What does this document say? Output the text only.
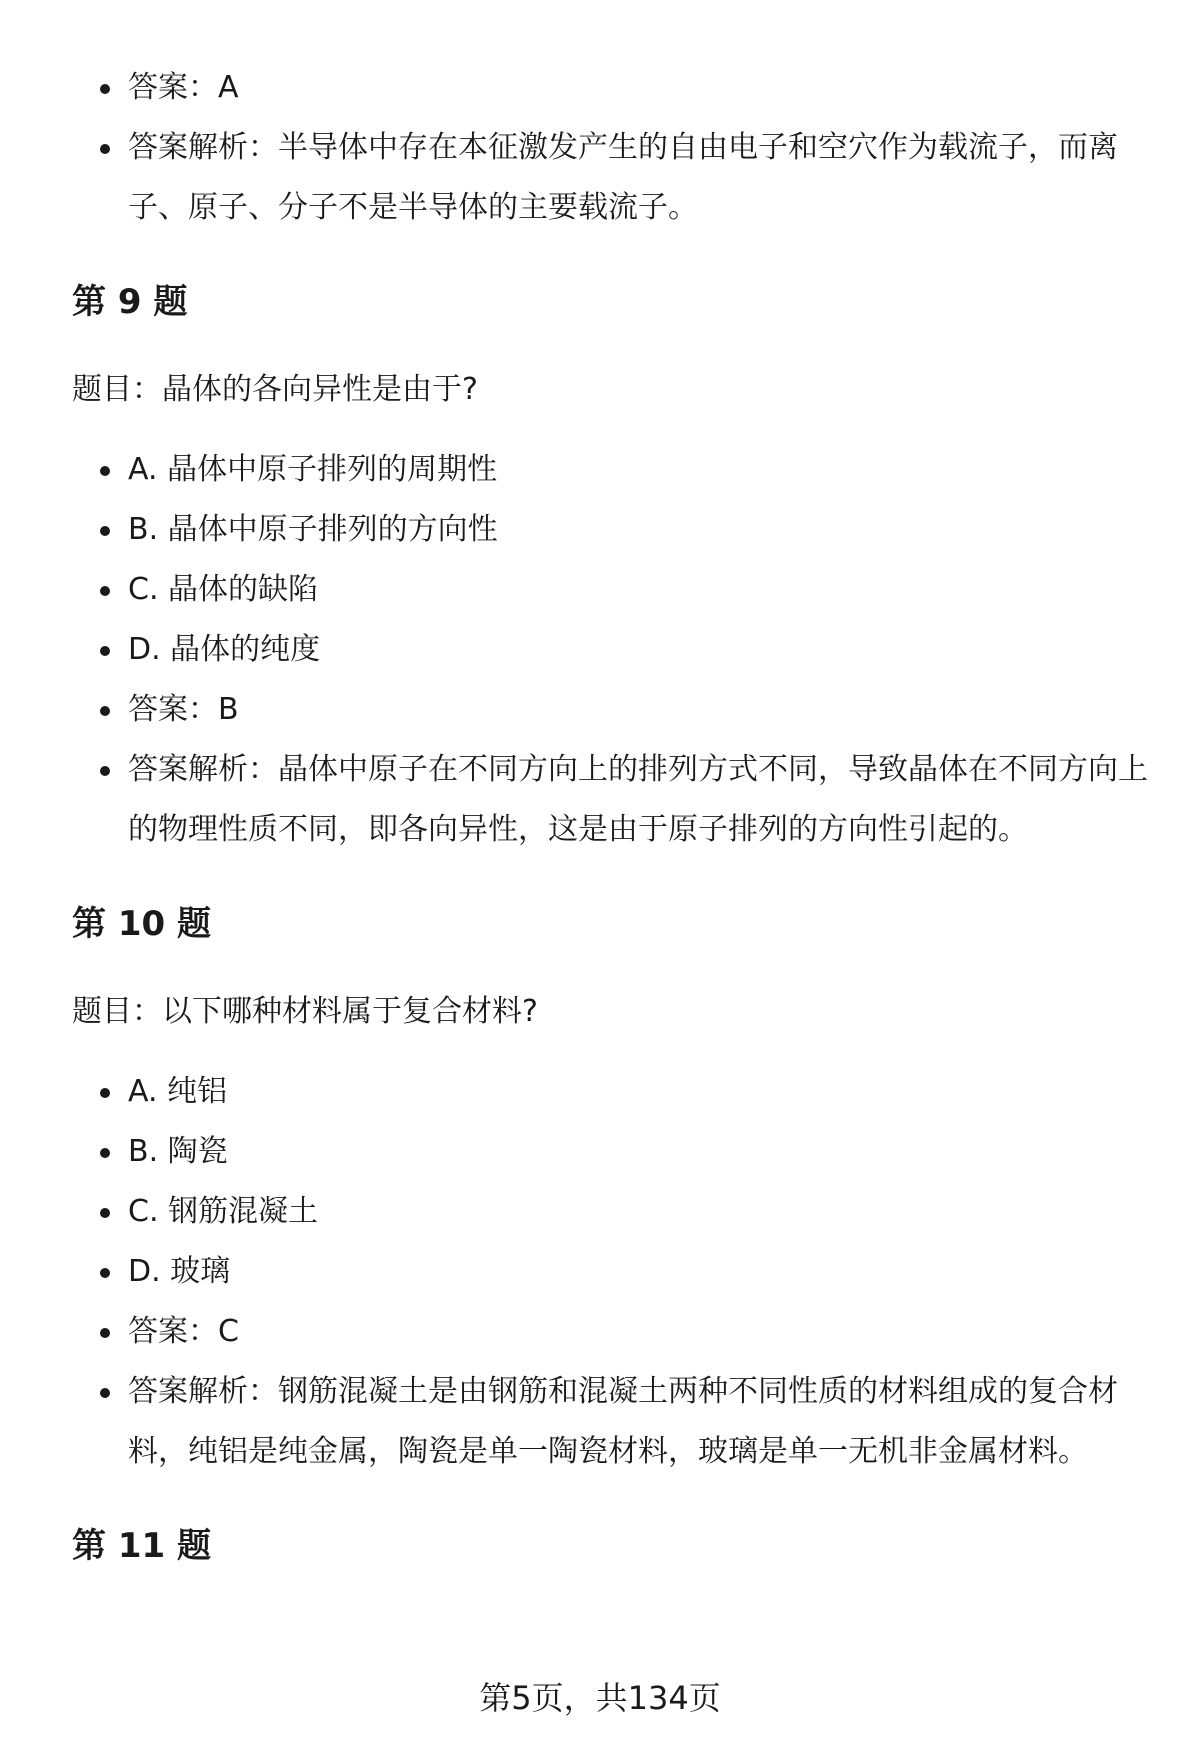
答案：A
答案解析：半导体中存在本征激发产生的自由电子和空穴作为载流子，而离子、原子、分子不是半导体的主要载流子。
第 9 题

题目：晶体的各向异性是由于?

A. 晶体中原子排列的周期性
B. 晶体中原子排列的方向性
C. 晶体的缺陷
D. 晶体的纯度
答案：B
答案解析：晶体中原子在不同方向上的排列方式不同，导致晶体在不同方向上的物理性质不同，即各向异性，这是由于原子排列的方向性引起的。
第 10 题

题目：以下哪种材料属于复合材料?

A. 纯铝
B. 陶瓷
C. 钢筋混凝土
D. 玻璃
答案：C
答案解析：钢筋混凝土是由钢筋和混凝土两种不同性质的材料组成的复合材料，纯铝是纯金属，陶瓷是单一陶瓷材料，玻璃是单一无机非金属材料。
第 11 题
第5页，共134页
